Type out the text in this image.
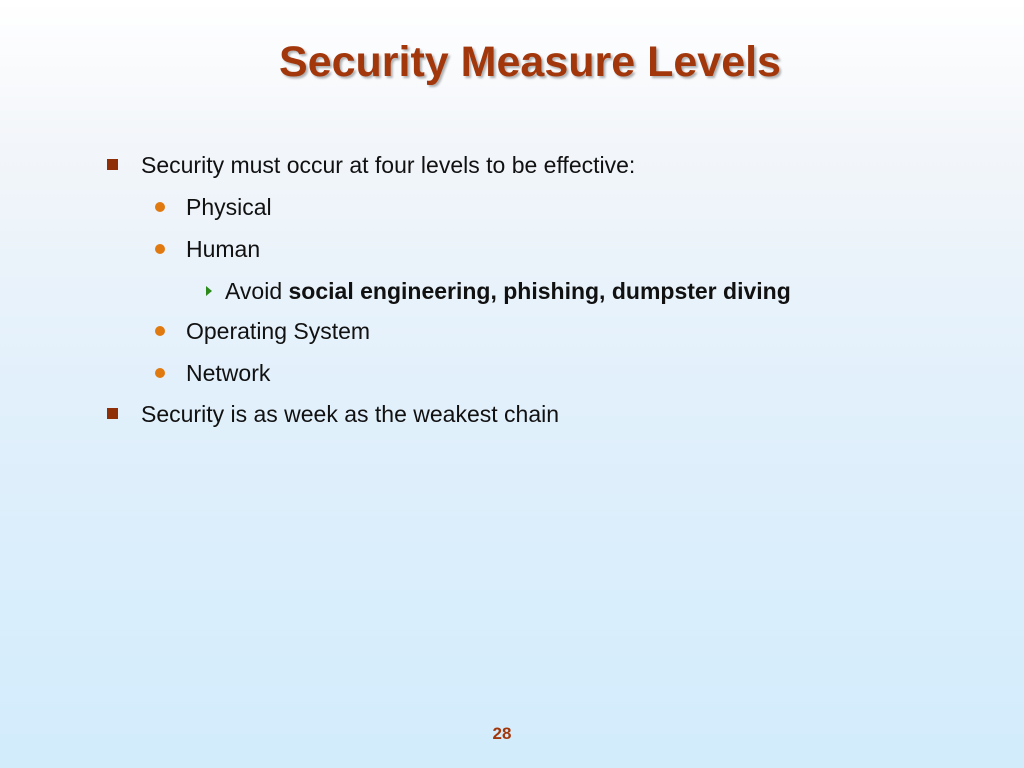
Security Measure Levels
Security must occur at four levels to be effective:
Physical
Human
Avoid social engineering, phishing, dumpster diving
Operating System
Network
Security is as week as the weakest chain
28
